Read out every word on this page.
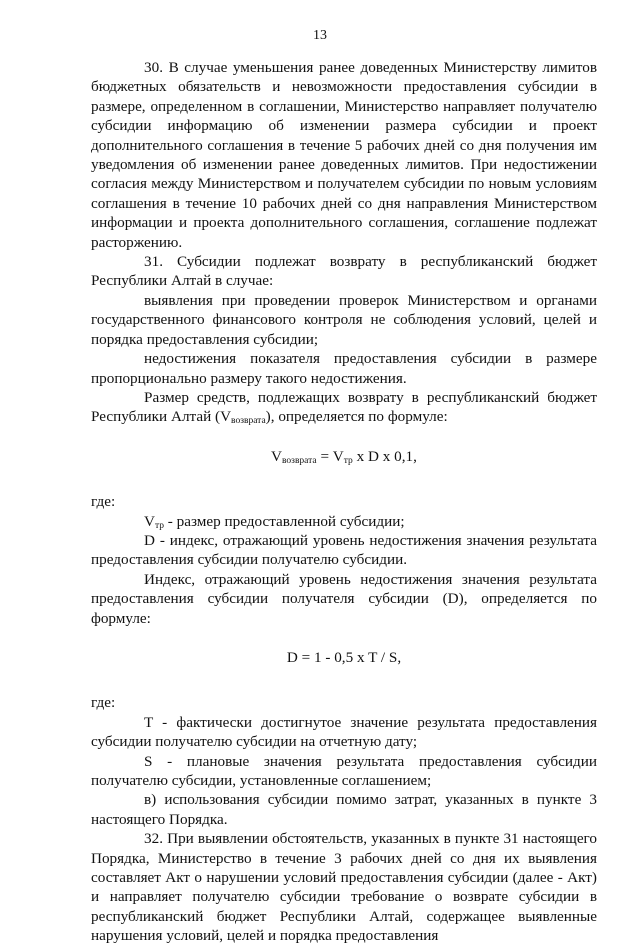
13

30. В случае уменьшения ранее доведенных Министерству лимитов бюджетных обязательств и невозможности предоставления субсидии в размере, определенном в соглашении, Министерство направляет получателю субсидии информацию об изменении размера субсидии и проект дополнительного соглашения в течение 5 рабочих дней со дня получения им уведомления об изменении ранее доведенных лимитов. При недостижении согласия между Министерством и получателем субсидии по новым условиям соглашения в течение 10 рабочих дней со дня направления Министерством информации и проекта дополнительного соглашения, соглашение подлежат расторжению.

31. Субсидии подлежат возврату в республиканский бюджет Республики Алтай в случае:

выявления при проведении проверок Министерством и органами государственного финансового контроля не соблюдения условий, целей и порядка предоставления субсидии;

недостижения показателя предоставления субсидии в размере пропорционально размеру такого недостижения.

Размер средств, подлежащих возврату в республиканский бюджет Республики Алтай $(V_{возврата})$, определяется по формуле:

$V_{возврата} = V_{тр}$ x D x 0,1,

где:

$V_{тр}$ - размер предоставленной субсидии;

D - индекс, отражающий уровень недостижения значения результата предоставления субсидии получателю субсидии.

Индекс, отражающий уровень недостижения значения результата предоставления субсидии получателя субсидии (D), определяется по формуле:

D = 1 - 0,5 x T / S,

где:

T - фактически достигнутое значение результата предоставления субсидии получателю субсидии на отчетную дату;

S - плановые значения результата предоставления субсидии получателю субсидии, установленные соглашением;

в) использования субсидии помимо затрат, указанных в пункте 3 настоящего Порядка.

32. При выявлении обстоятельств, указанных в пункте 31 настоящего Порядка, Министерство в течение 3 рабочих дней со дня их выявления составляет Акт о нарушении условий предоставления субсидии (далее - Акт) и направляет получателю субсидии требование о возврате субсидии в республиканский бюджет Республики Алтай, содержащее выявленные нарушения условий, целей и порядка предоставления
